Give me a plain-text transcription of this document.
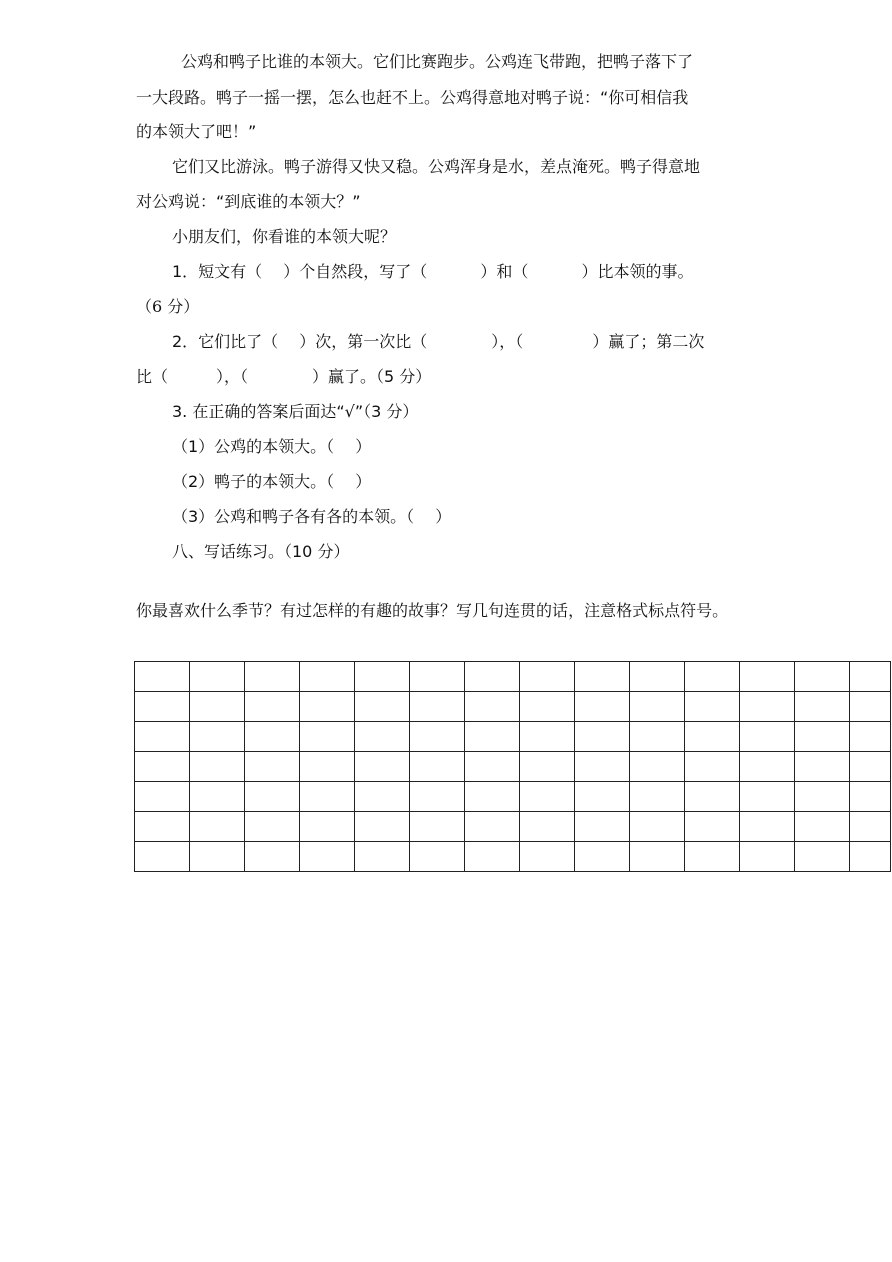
公鸡和鸭子比谁的本领大。它们比赛跑步。公鸡连飞带跑，把鸭子落下了
一大段路。鸭子一摇一摆，怎么也赶不上。公鸡得意地对鸭子说：“你可相信我
的本领大了吧！”
它们又比游泳。鸭子游得又快又稳。公鸡浑身是水，差点淹死。鸭子得意地
对公鸡说：“到底谁的本领大？”
小朋友们，你看谁的本领大呢？
1．短文有（　 ）个自然段，写了（　　　 ）和（　　　 ）比本领的事。
（6 分）
2．它们比了（　 ）次，第一次比（　　　　），（　　　　 ）赢了；第二次
比（　　　），（　　　　）赢了。（5 分）
3. 在正确的答案后面达“√”（3 分）
（1）公鸡的本领大。（　 ）
（2）鸭子的本领大。（　 ）
（3）公鸡和鸭子各有各的本领。（　 ）
八、写话练习。（10 分）
你最喜欢什么季节？有过怎样的有趣的故事？写几句连贯的话，注意格式标点符号。
